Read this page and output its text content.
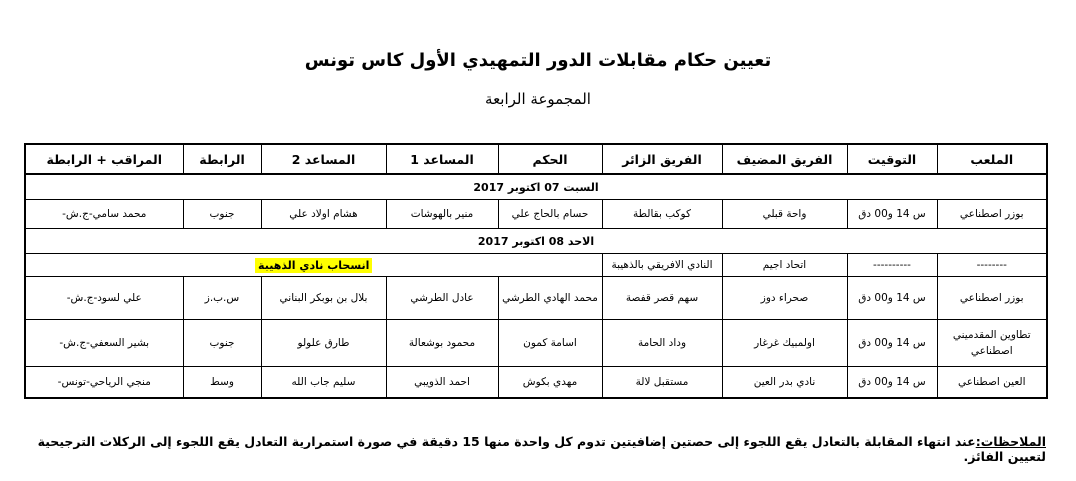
تعيين حكام مقابلات الدور التمهيدي الأول كاس تونس
المجموعة الرابعة
الملعب	التوقيت	الفريق المضيف	الفريق الزائر	الحكم	المساعد 1	المساعد 2	الرابطة	المراقب + الرابطة
السبت 07 اكتوبر 2017								
بوزر اصطناعي	س 14 و00 دق	واحة قبلي	كوكب بقالطة	حسام بالحاج علي	منير بالهوشات	هشام اولاد علي	جنوب	محمد سامي-ج.ش-
الاحد 08 اكتوبر 2017								
--------	----------	اتحاد اجيم	النادي الافريقي بالذهيبة	انسحاب نادي الذهيبة				
بوزر اصطناعي	س 14 و00 دق	صحراء دوز	سهم قصر قفصة	محمد الهادي الطرشي	عادل الطرشي	بلال بن بوبكر البناني	س.ب.ز	علي لسود-ج.ش-

تطاوين المقدميني اصطناعي	س 14 و00 دق	اولمبيك غرغار	وداد الحامة	اسامة كمون	محمود بوشعالة	طارق علولو	جنوب	بشير السعفي-ج.ش-
العين اصطناعي	س 14 و00 دق	نادي بدر العين	مستقبل لالة	مهدي بكوش	احمد الذويبي	سليم جاب الله	وسط	منجي الرياحي-تونس-
الملاحظات:عند انتهاء المقابلة بالتعادل يقع اللجوء إلى حصتين إضافيتين تدوم كل واحدة منها 15 دقيقة في صورة استمرارية التعادل يقع اللجوء إلى الركلات الترجيحية لتعيين الفائز.
